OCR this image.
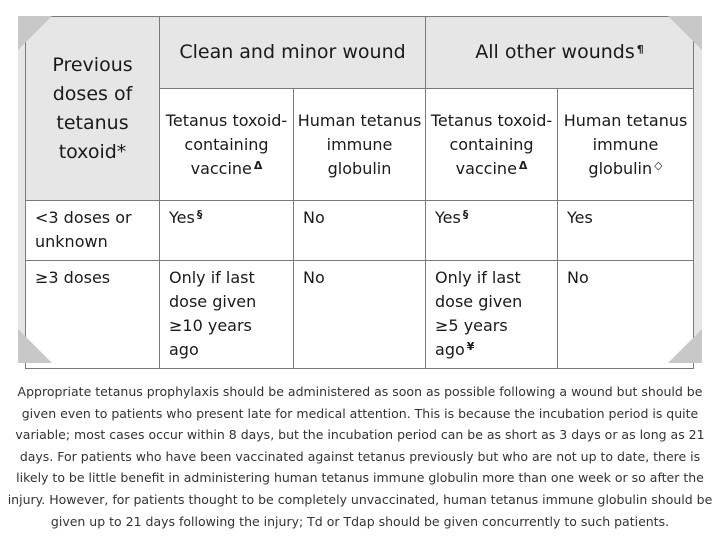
Previous doses of tetanus toxoid*	Clean and minor wound		All other wounds ¶
	Tetanus toxoid-containing vaccine $^\Delta$	Human tetanus immune globulin	Tetanus toxoid-containing vaccine $^\Delta$	Human tetanus immune globulin ◇
<3 doses or unknown	Yes §	No	Yes §	Yes
≥3 doses	Only if last dose given ≥10 years ago	No	Only if last dose given ≥5 years ago ¥	No
Appropriate tetanus prophylaxis should be administered as soon as possible following a wound but should be given even to patients who present late for medical attention. This is because the incubation period is quite variable; most cases occur within 8 days, but the incubation period can be as short as 3 days or as long as 21 days. For patients who have been vaccinated against tetanus previously but who are not up to date, there is likely to be little benefit in administering human tetanus immune globulin more than one week or so after the injury. However, for patients thought to be completely unvaccinated, human tetanus immune globulin should be given up to 21 days following the injury; Td or Tdap should be given concurrently to such patients.
